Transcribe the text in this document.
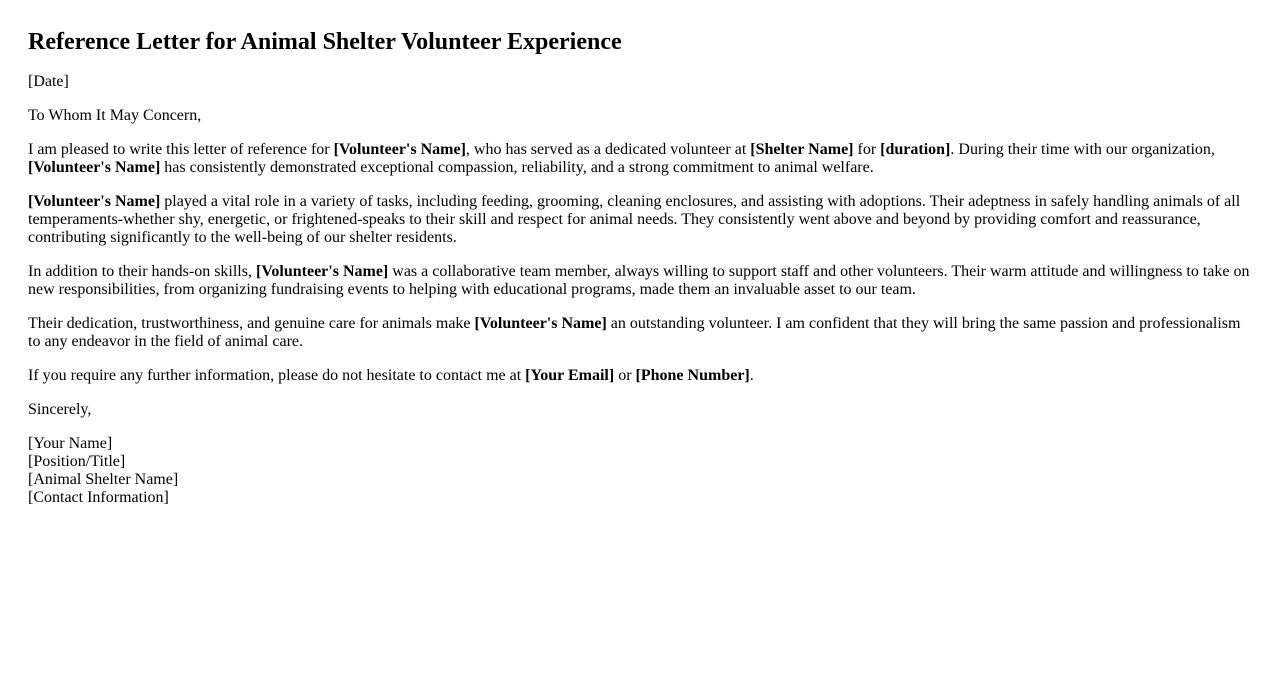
Reference Letter for Animal Shelter Volunteer Experience

[Date]

To Whom It May Concern,

I am pleased to write this letter of reference for [Volunteer's Name], who has served as a dedicated volunteer at [Shelter Name] for [duration]. During their time with our organization, [Volunteer's Name] has consistently demonstrated exceptional compassion, reliability, and a strong commitment to animal welfare.

[Volunteer's Name] played a vital role in a variety of tasks, including feeding, grooming, cleaning enclosures, and assisting with adoptions. Their adeptness in safely handling animals of all temperaments-whether shy, energetic, or frightened-speaks to their skill and respect for animal needs. They consistently went above and beyond by providing comfort and reassurance, contributing significantly to the well-being of our shelter residents.

In addition to their hands-on skills, [Volunteer's Name] was a collaborative team member, always willing to support staff and other volunteers. Their warm attitude and willingness to take on new responsibilities, from organizing fundraising events to helping with educational programs, made them an invaluable asset to our team.

Their dedication, trustworthiness, and genuine care for animals make [Volunteer's Name] an outstanding volunteer. I am confident that they will bring the same passion and professionalism to any endeavor in the field of animal care.

If you require any further information, please do not hesitate to contact me at [Your Email] or [Phone Number].

Sincerely,

[Your Name]
[Position/Title]
[Animal Shelter Name]
[Contact Information]
